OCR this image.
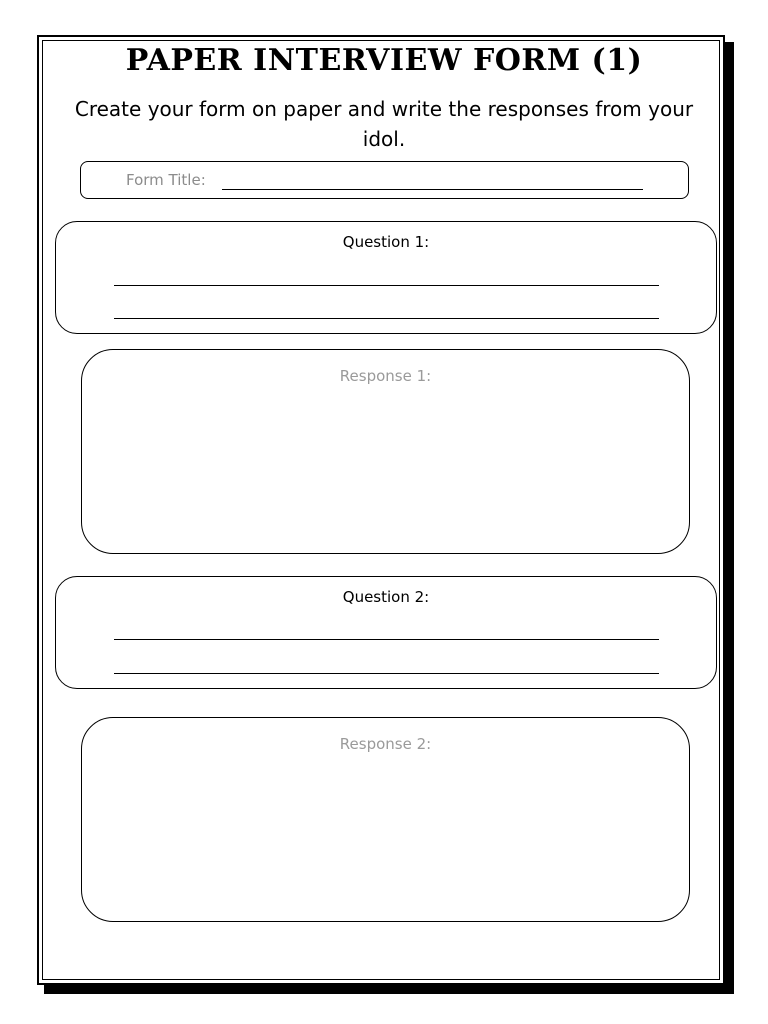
PAPER INTERVIEW FORM (1)
Create your form on paper and write the responses from your idol.
Form Title:
Question 1:
Response 1:
Question 2:
Response 2:
